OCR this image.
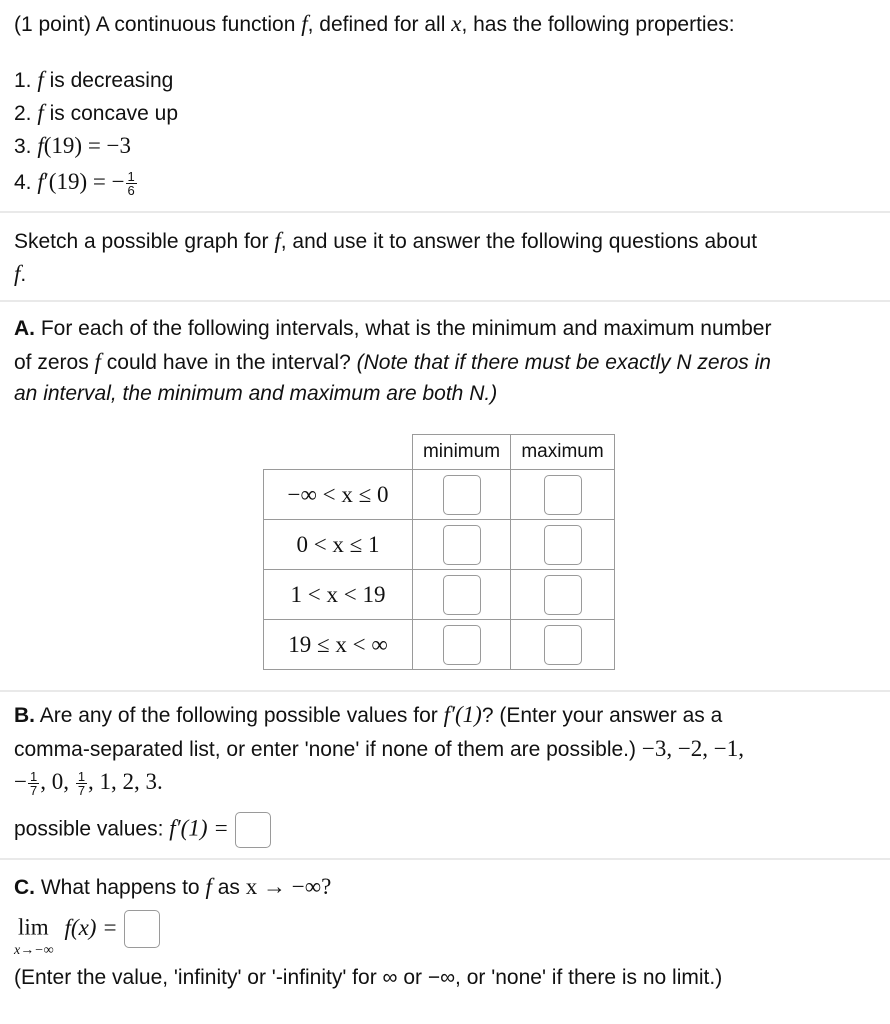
(1 point) A continuous function f, defined for all x, has the following properties:
1. f is decreasing
2. f is concave up
3. f(19) = −3
4. f′(19) = − $\frac{1}{6}$
Sketch a possible graph for f, and use it to answer the following questions about
f.
A. For each of the following intervals, what is the minimum and maximum number
of zeros f could have in the interval? (Note that if there must be exactly N zeros in
an interval, the minimum and maximum are both N.)
	minimum	maximum
−∞ < x ≤ 0		
0 < x ≤ 1		
1 < x < 19		
19 ≤ x < ∞		
B. Are any of the following possible values for f′(1)? (Enter your answer as a
comma-separated list, or enter 'none' if none of them are possible.) −3, −2, −1,
− $\frac{1}{7}$ , 0, $\frac{1}{7}$ , 1, 2, 3.
possible values: f′(1) =
C. What happens to f as x → −∞?
lim f(x) =
x→−∞
(Enter the value, 'infinity' or '-infinity' for ∞ or −∞, or 'none' if there is no limit.)
